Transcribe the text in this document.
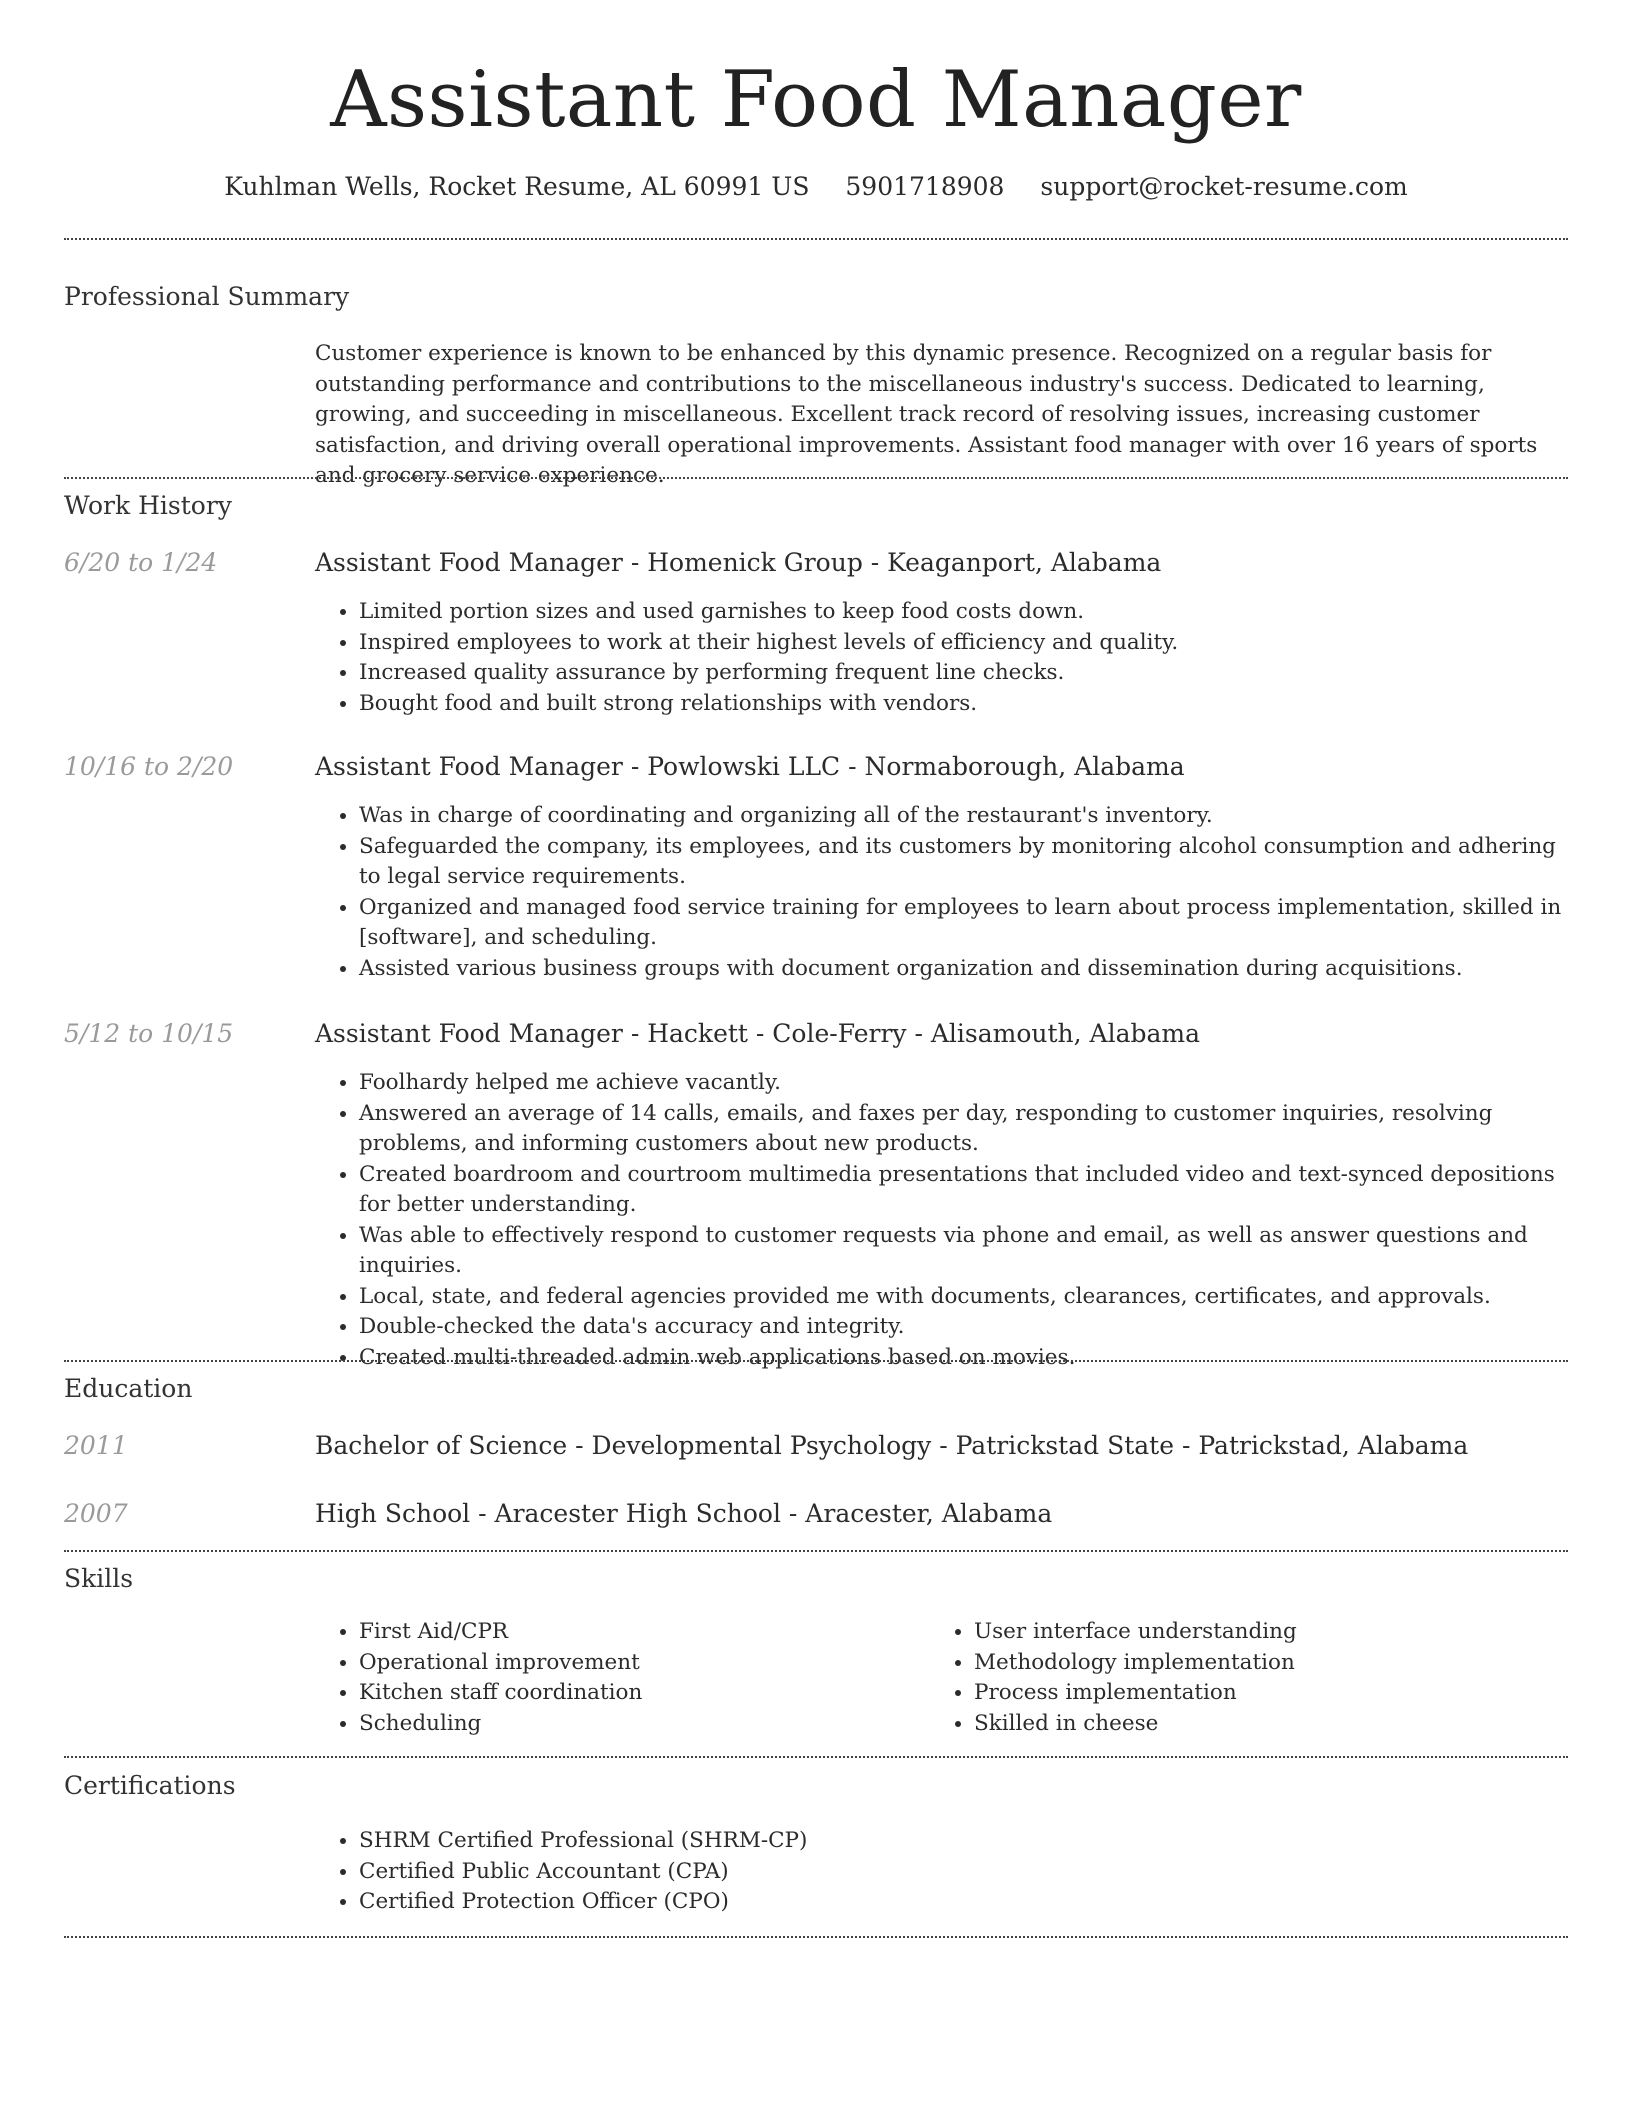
Assistant Food Manager
Kuhlman Wells, Rocket Resume, AL 60991 US 5901718908 support@rocket-resume.com
Professional Summary
Customer experience is known to be enhanced by this dynamic presence. Recognized on a regular basis for outstanding performance and contributions to the miscellaneous industry's success. Dedicated to learning, growing, and succeeding in miscellaneous. Excellent track record of resolving issues, increasing customer satisfaction, and driving overall operational improvements. Assistant food manager with over 16 years of sports and grocery service experience.
Work History
6/20 to 1/24	Assistant Food Manager - Homenick Group - Keaganport, Alabama
• Limited portion sizes and used garnishes to keep food costs down.
• Inspired employees to work at their highest levels of efficiency and quality.
• Increased quality assurance by performing frequent line checks.
• Bought food and built strong relationships with vendors.
10/16 to 2/20	Assistant Food Manager - Powlowski LLC - Normaborough, Alabama
• Was in charge of coordinating and organizing all of the restaurant's inventory.
• Safeguarded the company, its employees, and its customers by monitoring alcohol consumption and adhering to legal service requirements.
• Organized and managed food service training for employees to learn about process implementation, skilled in [software], and scheduling.
• Assisted various business groups with document organization and dissemination during acquisitions.
5/12 to 10/15	Assistant Food Manager - Hackett - Cole-Ferry - Alisamouth, Alabama
• Foolhardy helped me achieve vacantly.
• Answered an average of 14 calls, emails, and faxes per day, responding to customer inquiries, resolving problems, and informing customers about new products.
• Created boardroom and courtroom multimedia presentations that included video and text-synced depositions for better understanding.
• Was able to effectively respond to customer requests via phone and email, as well as answer questions and inquiries.
• Local, state, and federal agencies provided me with documents, clearances, certificates, and approvals.
• Double-checked the data's accuracy and integrity.
• Created multi-threaded admin web applications based on movies.
Education
2011	Bachelor of Science - Developmental Psychology - Patrickstad State - Patrickstad, Alabama
2007	High School - Aracester High School - Aracester, Alabama
Skills
• First Aid/CPR
• Operational improvement
• Kitchen staff coordination
• Scheduling
• User interface understanding
• Methodology implementation
• Process implementation
• Skilled in cheese
Certifications
• SHRM Certified Professional (SHRM-CP)
• Certified Public Accountant (CPA)
• Certified Protection Officer (CPO)
